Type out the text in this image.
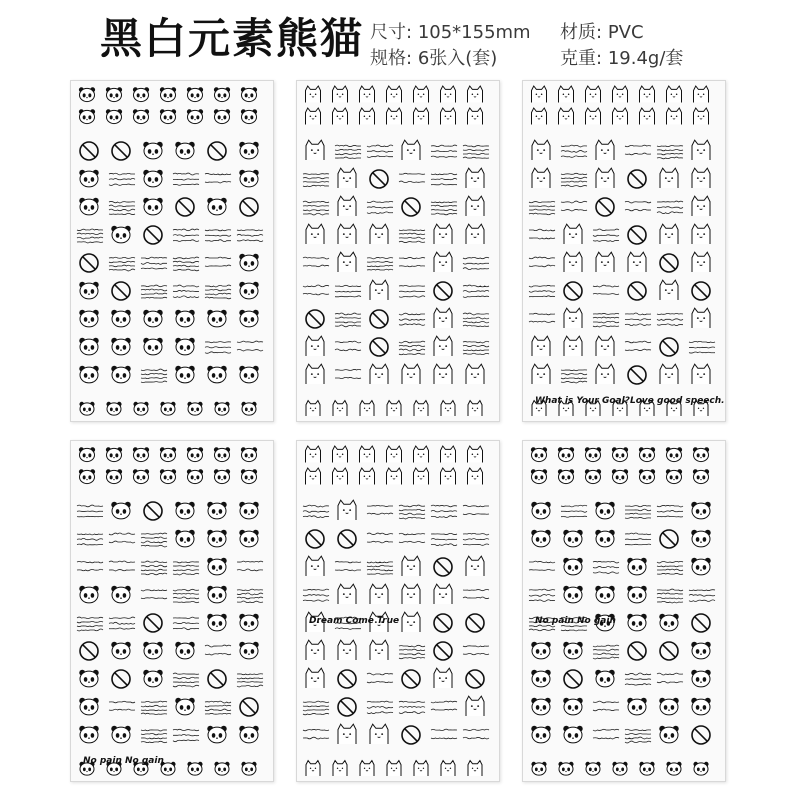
黑白元素熊猫 尺寸: 105*155mm 材质: PVC
规格: 6张入(套)	克重: 19.4g/套
What is Your Goal? Love good speech.
No pain No gain
Dream Come True	No pain No gain
